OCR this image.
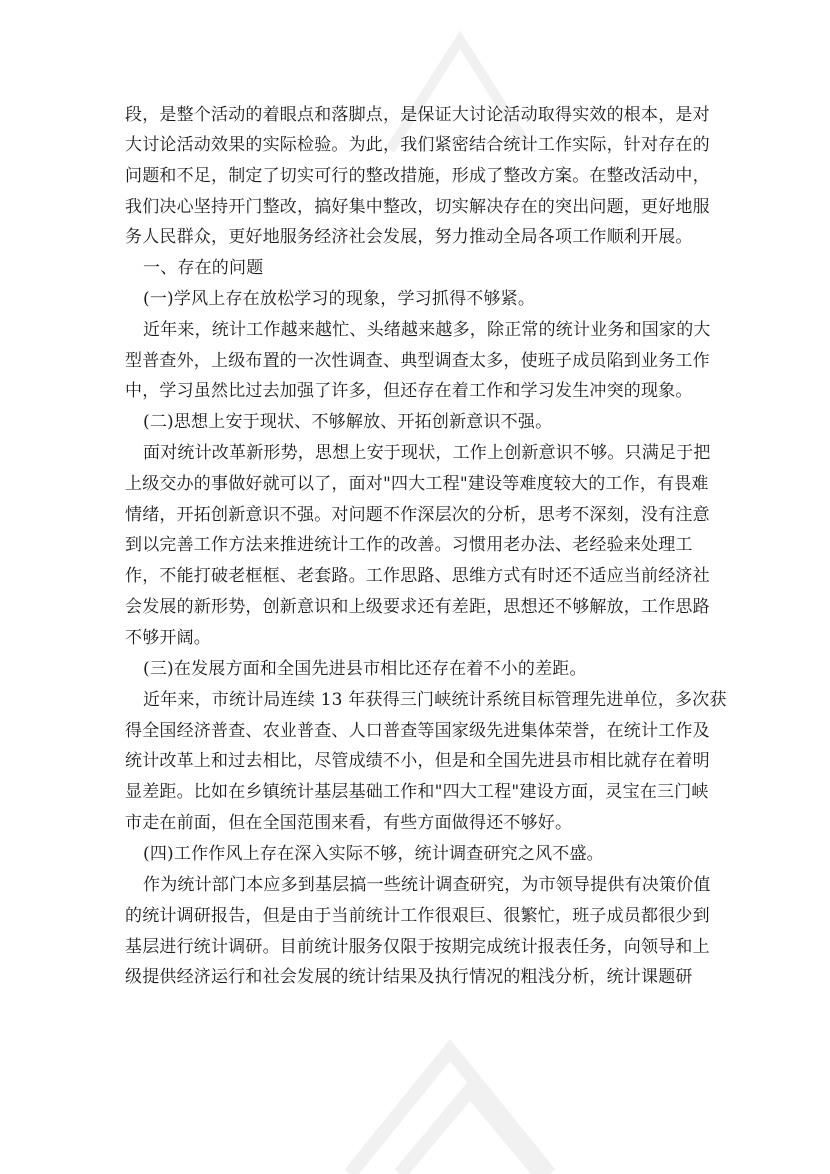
段，是整个活动的着眼点和落脚点，是保证大讨论活动取得实效的根本，是对
大讨论活动效果的实际检验。为此，我们紧密结合统计工作实际，针对存在的
问题和不足，制定了切实可行的整改措施，形成了整改方案。在整改活动中，
我们决心坚持开门整改，搞好集中整改，切实解决存在的突出问题，更好地服
务人民群众，更好地服务经济社会发展，努力推动全局各项工作顺利开展。
一、存在的问题
(一)学风上存在放松学习的现象，学习抓得不够紧。
近年来，统计工作越来越忙、头绪越来越多，除正常的统计业务和国家的大
型普查外，上级布置的一次性调查、典型调查太多，使班子成员陷到业务工作
中，学习虽然比过去加强了许多，但还存在着工作和学习发生冲突的现象。
(二)思想上安于现状、不够解放、开拓创新意识不强。
面对统计改革新形势，思想上安于现状，工作上创新意识不够。只满足于把
上级交办的事做好就可以了，面对"四大工程"建设等难度较大的工作，有畏难
情绪，开拓创新意识不强。对问题不作深层次的分析，思考不深刻，没有注意
到以完善工作方法来推进统计工作的改善。习惯用老办法、老经验来处理工
作，不能打破老框框、老套路。工作思路、思维方式有时还不适应当前经济社
会发展的新形势，创新意识和上级要求还有差距，思想还不够解放，工作思路
不够开阔。
(三)在发展方面和全国先进县市相比还存在着不小的差距。
近年来，市统计局连续 13 年获得三门峡统计系统目标管理先进单位，多次获
得全国经济普查、农业普查、人口普查等国家级先进集体荣誉，在统计工作及
统计改革上和过去相比，尽管成绩不小，但是和全国先进县市相比就存在着明
显差距。比如在乡镇统计基层基础工作和"四大工程"建设方面，灵宝在三门峡
市走在前面，但在全国范围来看，有些方面做得还不够好。
(四)工作作风上存在深入实际不够，统计调查研究之风不盛。
作为统计部门本应多到基层搞一些统计调查研究，为市领导提供有决策价值
的统计调研报告，但是由于当前统计工作很艰巨、很繁忙，班子成员都很少到
基层进行统计调研。目前统计服务仅限于按期完成统计报表任务，向领导和上
级提供经济运行和社会发展的统计结果及执行情况的粗浅分析，统计课题研
